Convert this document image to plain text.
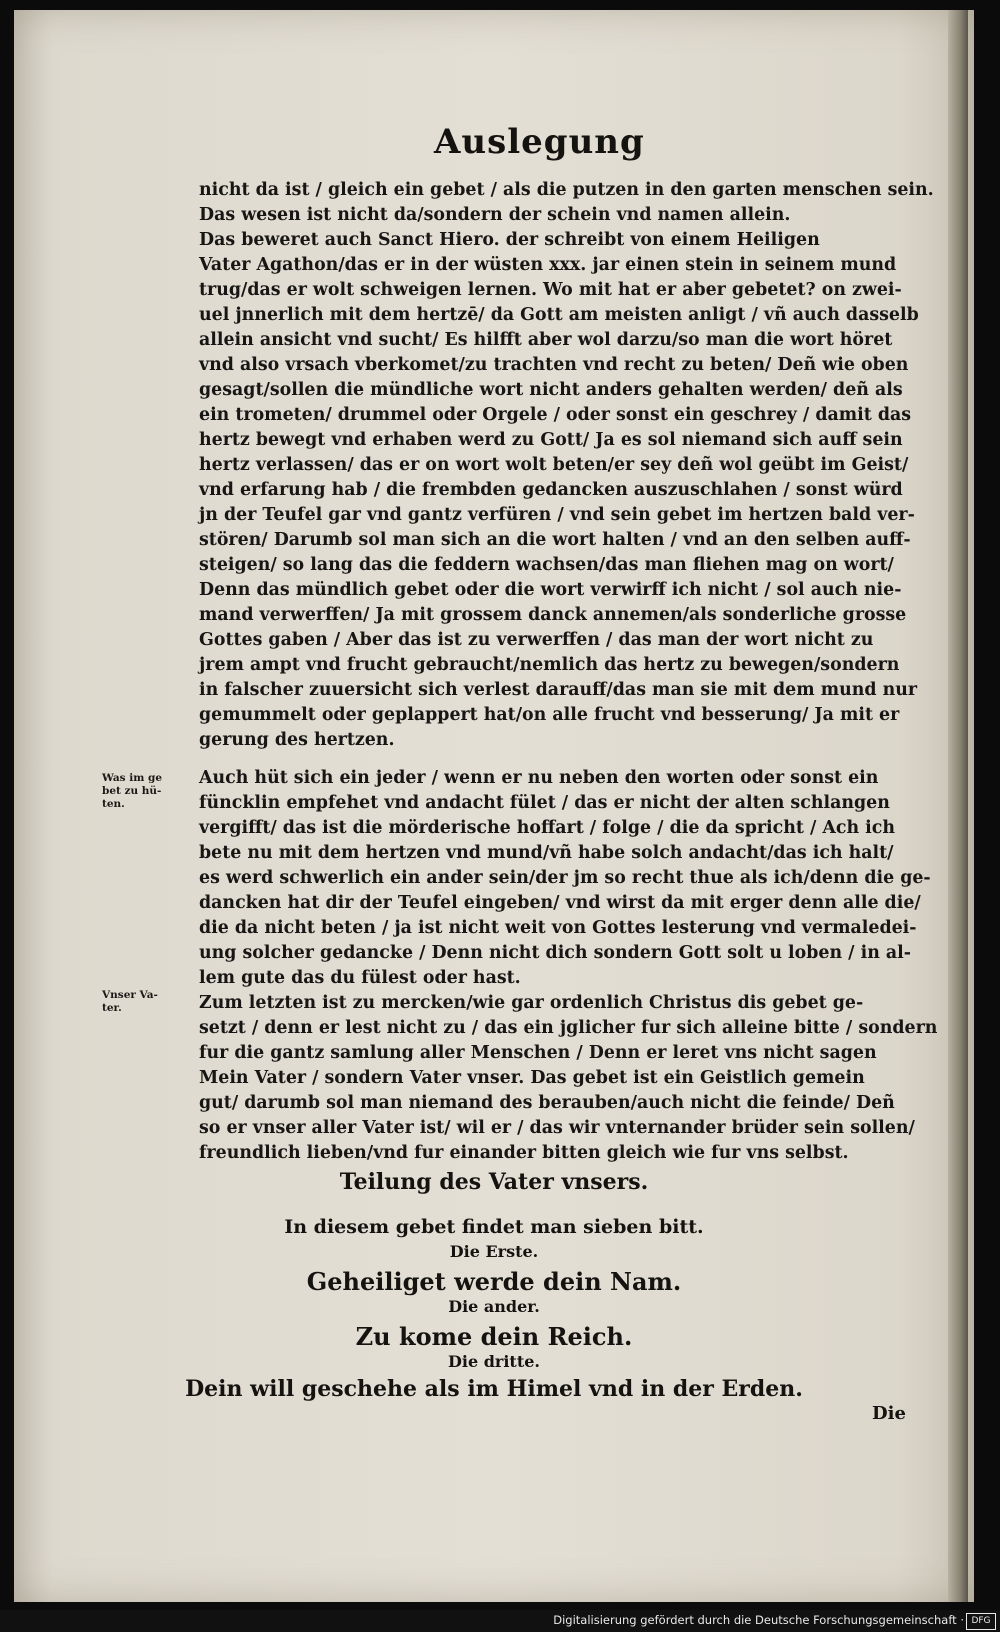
Auslegung
nicht da ist / gleich ein gebet / als die putzen in den garten menschen sein.
Das wesen ist nicht da/sondern der schein vnd namen allein.
Das beweret auch Sanct Hiero. der schreibt von einem Heiligen
Vater Agathon/das er in der wüsten xxx. jar einen stein in seinem mund
trug/das er wolt schweigen lernen. Wo mit hat er aber gebetet? on zwei-
uel jnnerlich mit dem hertzē/ da Gott am meisten anligt / vñ auch dasselb
allein ansicht vnd sucht/ Es hilfft aber wol darzu/so man die wort höret
vnd also vrsach vberkomet/zu trachten vnd recht zu beten/ Deñ wie oben
gesagt/sollen die mündliche wort nicht anders gehalten werden/ deñ als
ein trometen/ drummel oder Orgele / oder sonst ein geschrey / damit das
hertz bewegt vnd erhaben werd zu Gott/ Ja es sol niemand sich auff sein
hertz verlassen/ das er on wort wolt beten/er sey deñ wol geübt im Geist/
vnd erfarung hab / die frembden gedancken auszuschlahen / sonst würd
jn der Teufel gar vnd gantz verfüren / vnd sein gebet im hertzen bald ver-
stören/ Darumb sol man sich an die wort halten / vnd an den selben auff-
steigen/ so lang das die feddern wachsen/das man fliehen mag on wort/
Denn das mündlich gebet oder die wort verwirff ich nicht / sol auch nie-
mand verwerffen/ Ja mit grossem danck annemen/als sonderliche grosse
Gottes gaben / Aber das ist zu verwerffen / das man der wort nicht zu
jrem ampt vnd frucht gebraucht/nemlich das hertz zu bewegen/sondern
in falscher zuuersicht sich verlest darauff/das man sie mit dem mund nur
gemummelt oder geplappert hat/on alle frucht vnd besserung/ Ja mit er
gerung des hertzen.
Was im ge
bet zu hü-
ten.
Auch hüt sich ein jeder / wenn er nu neben den worten oder sonst ein
füncklin empfehet vnd andacht fület / das er nicht der alten schlangen
vergifft/ das ist die mörderische hoffart / folge / die da spricht / Ach ich
bete nu mit dem hertzen vnd mund/vñ habe solch andacht/das ich halt/
es werd schwerlich ein ander sein/der jm so recht thue als ich/denn die ge-
dancken hat dir der Teufel eingeben/ vnd wirst da mit erger denn alle die/
die da nicht beten / ja ist nicht weit von Gottes lesterung vnd vermaledei-
ung solcher gedancke / Denn nicht dich sondern Gott solt u loben / in al-
lem gute das du fülest oder hast.
Zum letzten ist zu mercken/wie gar ordenlich Christus dis gebet ge-
setzt / denn er lest nicht zu / das ein jglicher fur sich alleine bitte / sondern
fur die gantz samlung aller Menschen / Denn er leret vns nicht sagen
Mein Vater / sondern Vater vnser. Das gebet ist ein Geistlich gemein
gut/ darumb sol man niemand des berauben/auch nicht die feinde/ Deñ
so er vnser aller Vater ist/ wil er / das wir vnternander brüder sein sollen/
freundlich lieben/vnd fur einander bitten gleich wie fur vns selbst.
Vnser Va-
ter.
Teilung des Vater vnsers.
In diesem gebet findet man sieben bitt.
Die Erste.
Geheiliget werde dein Nam.
Die ander.
Zu kome dein Reich.
Die dritte.
Dein will geschehe als im Himel vnd in der Erden.
Die
Digitalisierung gefördert durch die Deutsche Forschungsgemeinschaft · DFG
